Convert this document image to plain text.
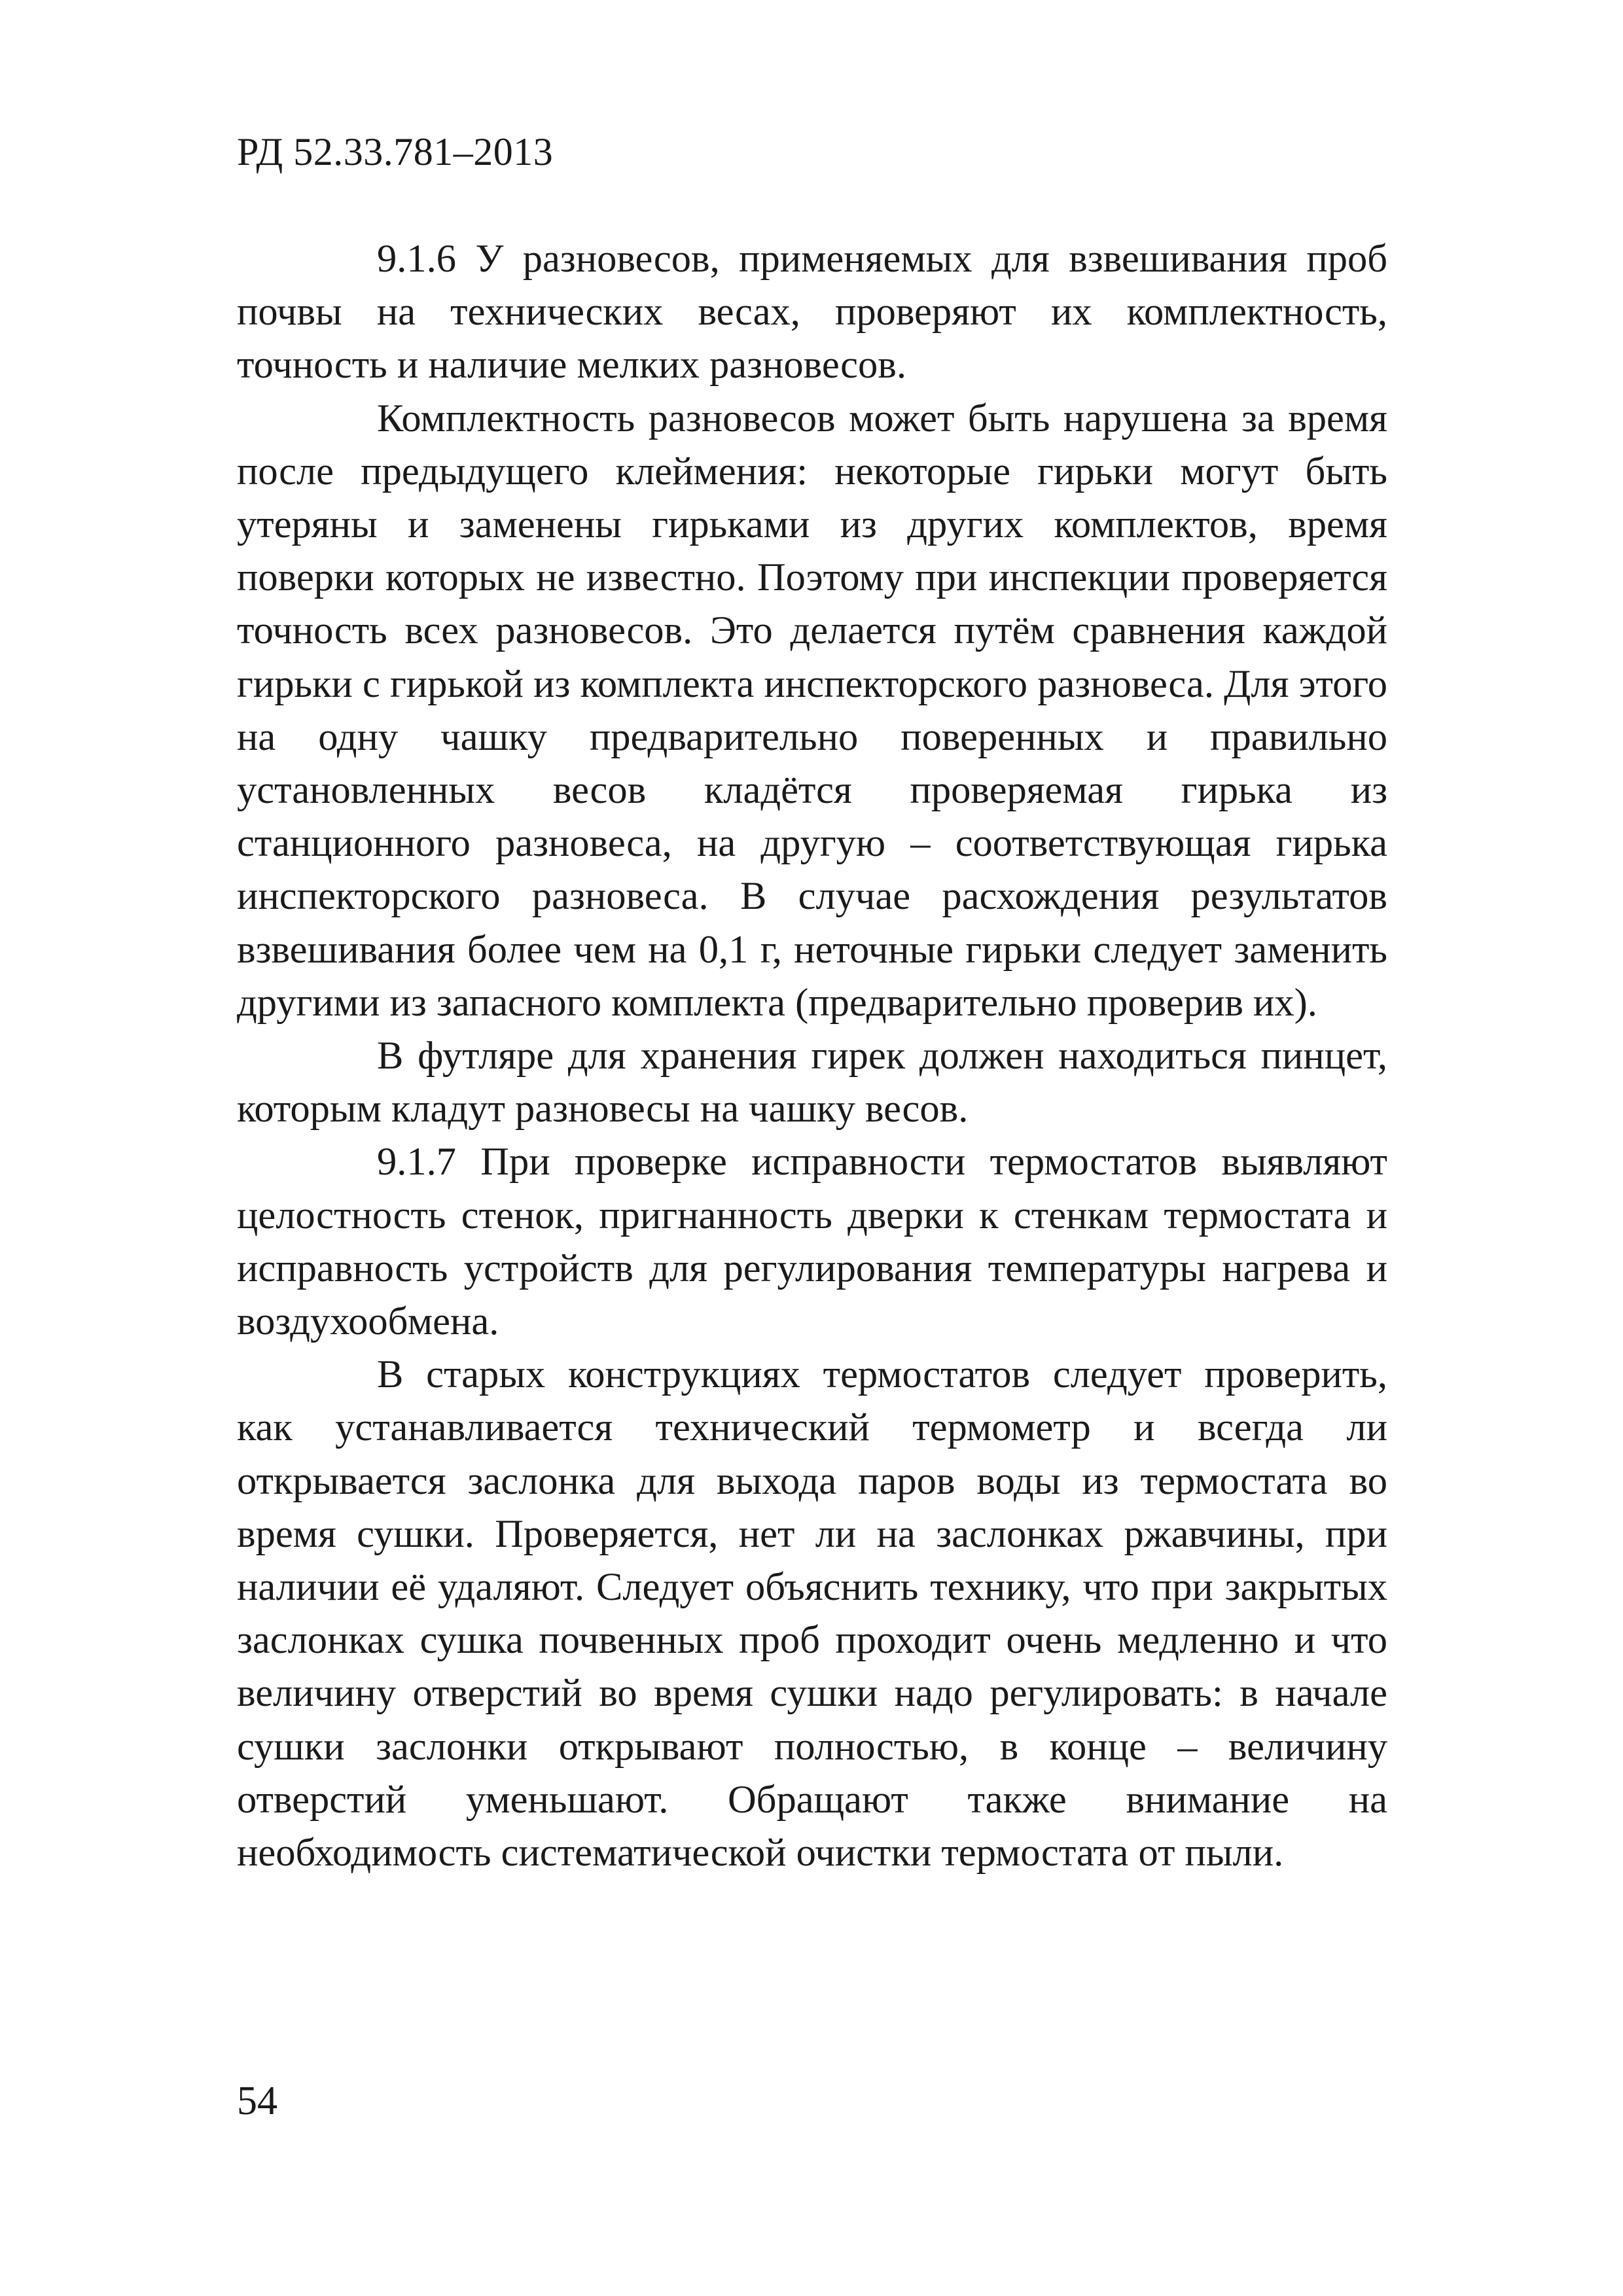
РД 52.33.781–2013

9.1.6 У разновесов, применяемых для взвешивания проб почвы на технических весах, проверяют их комплектность, точность и наличие мелких разновесов.

Комплектность разновесов может быть нарушена за время после предыдущего клеймения: некоторые гирьки могут быть утеряны и заменены гирьками из других комплектов, время поверки которых не известно. Поэтому при инспекции проверяется точность всех разновесов. Это делается путём сравнения каждой гирьки с гирькой из комплекта инспекторского разновеса. Для этого на одну чашку предварительно поверенных и правильно установленных весов кладётся проверяемая гирька из станционного разновеса, на другую – соответствующая гирька инспекторского разновеса. В случае расхождения результатов взвешивания более чем на 0,1 г, неточные гирьки следует заменить другими из запасного комплекта (предварительно проверив их).

В футляре для хранения гирек должен находиться пинцет, которым кладут разновесы на чашку весов.

9.1.7 При проверке исправности термостатов выявляют целостность стенок, пригнанность дверки к стенкам термостата и исправность устройств для регулирования температуры нагрева и воздухообмена.

В старых конструкциях термостатов следует проверить, как устанавливается технический термометр и всегда ли открывается заслонка для выхода паров воды из термостата во время сушки. Проверяется, нет ли на заслонках ржавчины, при наличии её удаляют. Следует объяснить технику, что при закрытых заслонках сушка почвенных проб проходит очень медленно и что величину отверстий во время сушки надо регулировать: в начале сушки заслонки открывают полностью, в конце – величину отверстий уменьшают. Обращают также внимание на необходимость систематической очистки термостата от пыли.

54
